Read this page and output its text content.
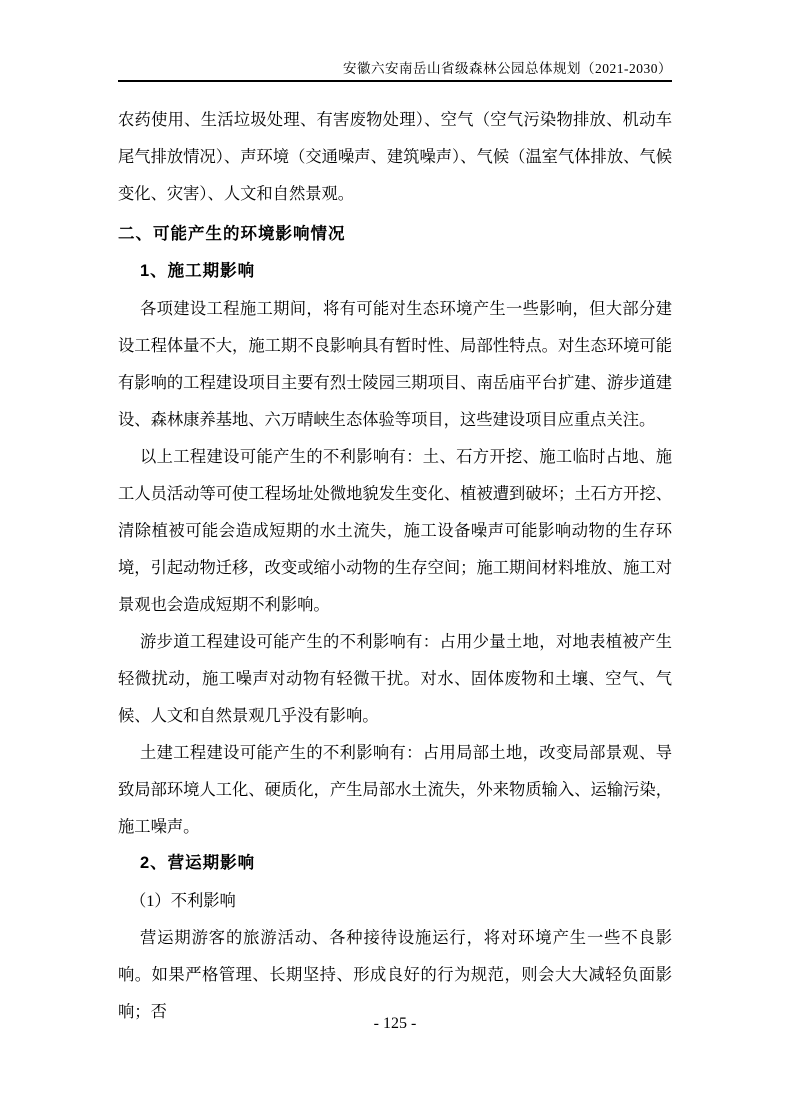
安徽六安南岳山省级森林公园总体规划（2021-2030）

农药使用、生活垃圾处理、有害废物处理）、空气（空气污染物排放、机动车尾气排放情况）、声环境（交通噪声、建筑噪声）、气候（温室气体排放、气候变化、灾害）、人文和自然景观。

二、可能产生的环境影响情况
1、施工期影响

各项建设工程施工期间，将有可能对生态环境产生一些影响，但大部分建设工程体量不大，施工期不良影响具有暂时性、局部性特点。对生态环境可能有影响的工程建设项目主要有烈士陵园三期项目、南岳庙平台扩建、游步道建设、森林康养基地、六万晴峡生态体验等项目，这些建设项目应重点关注。

以上工程建设可能产生的不利影响有：土、石方开挖、施工临时占地、施工人员活动等可使工程场址处微地貌发生变化、植被遭到破坏；土石方开挖、清除植被可能会造成短期的水土流失，施工设备噪声可能影响动物的生存环境，引起动物迁移，改变或缩小动物的生存空间；施工期间材料堆放、施工对景观也会造成短期不利影响。

游步道工程建设可能产生的不利影响有：占用少量土地，对地表植被产生轻微扰动，施工噪声对动物有轻微干扰。对水、固体废物和土壤、空气、气候、人文和自然景观几乎没有影响。

土建工程建设可能产生的不利影响有：占用局部土地，改变局部景观、导致局部环境人工化、硬质化，产生局部水土流失，外来物质输入、运输污染，施工噪声。

2、营运期影响

（1）不利影响

营运期游客的旅游活动、各种接待设施运行，将对环境产生一些不良影响。如果严格管理、长期坚持、形成良好的行为规范，则会大大减轻负面影响；否

- 125 -
